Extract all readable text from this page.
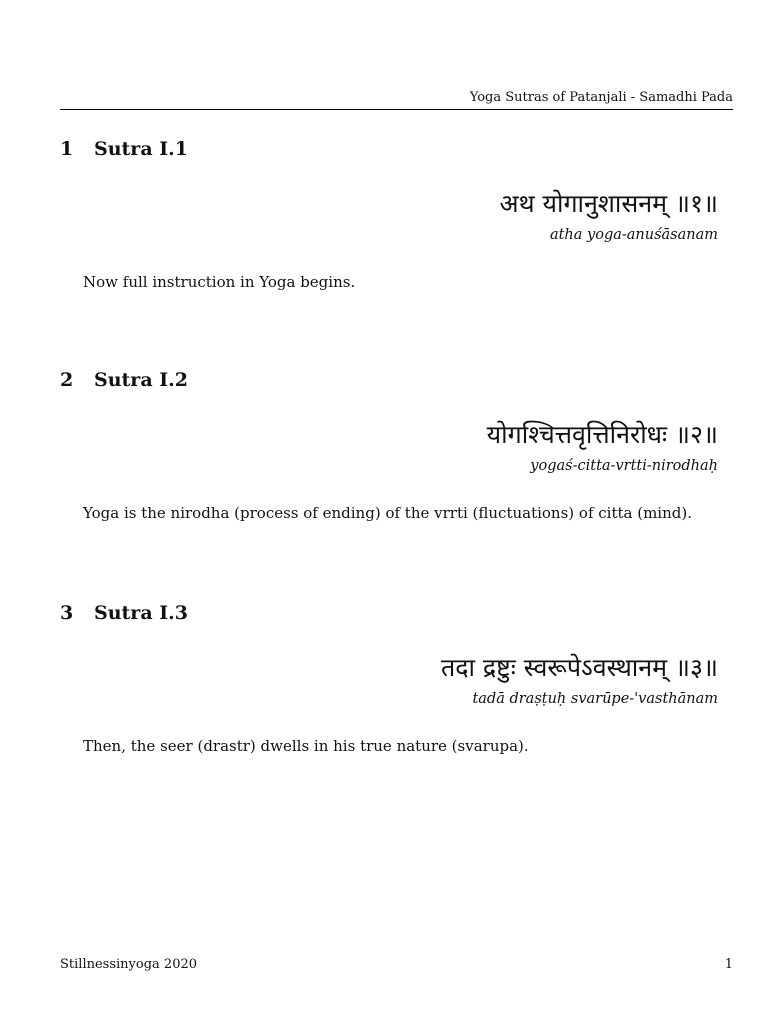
Yoga Sutras of Patanjali - Samadhi Pada
1 Sutra I.1
अथ योगानुशासनम् ॥१॥
atha yoga-anuśāsanam
Now full instruction in Yoga begins.
2 Sutra I.2
योगश्चित्तवृत्तिनिरोधः ॥२॥
yogaś-citta-vrtti-nirodhaḥ
Yoga is the nirodha (process of ending) of the vrrti (fluctuations) of citta (mind).
3 Sutra I.3
तदा द्रष्टुः स्वरूपेऽवस्थानम् ॥३॥
tadā draṣṭuḥ svarūpe-'vasthānam
Then, the seer (drastr) dwells in his true nature (svarupa).
Stillnessinyoga 2020	1
